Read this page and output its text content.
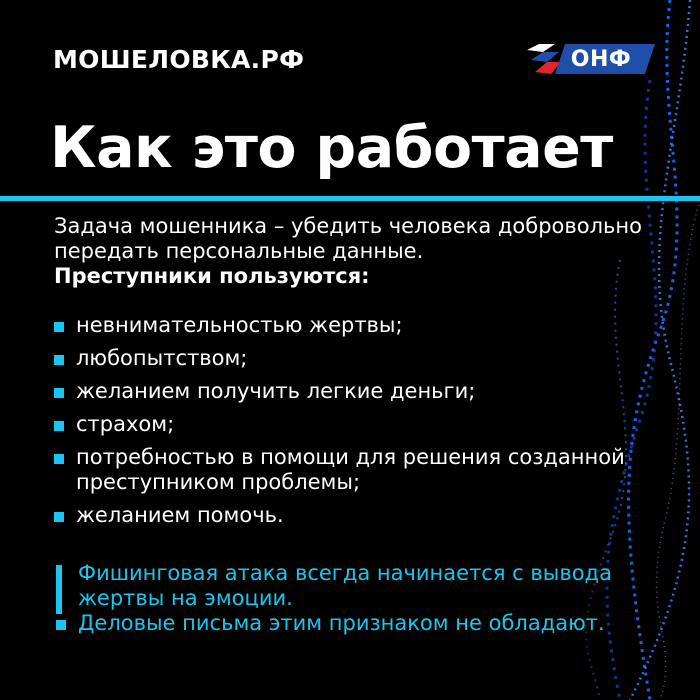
МОШЕЛОВКА.РФ	ОНФ
Как это работает
Задача мошенника – убедить человека добровольно передать персональные данные.
Преступники пользуются:
невнимательностью жертвы;
любопытством;
желанием получить легкие деньги;
страхом;
потребностью в помощи для решения созданной преступником проблемы;
желанием помочь.
Фишинговая атака всегда начинается с вывода жертвы на эмоции.
Деловые письма этим признаком не обладают.
